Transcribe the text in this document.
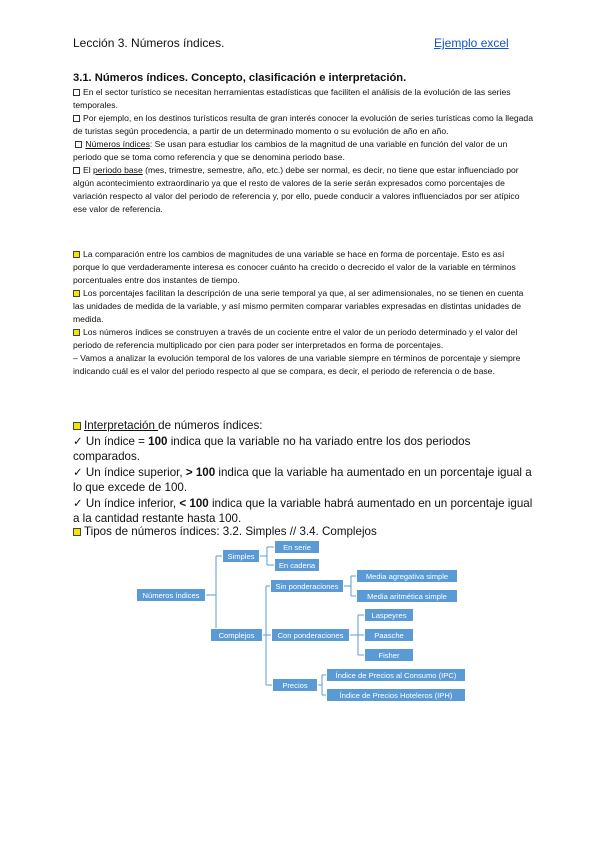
Lección 3. Números índices.	Ejemplo excel
3.1. Números índices. Concepto, clasificación e interpretación.

En el sector turístico se necesitan herramientas estadísticas que faciliten el análisis de la evolución de las series temporales.

Por ejemplo, en los destinos turísticos resulta de gran interés conocer la evolución de series turísticas como la llegada de turistas según procedencia, a partir de un determinado momento o su evolución de año en año.

Números índices: Se usan para estudiar los cambios de la magnitud de una variable en función del valor de un periodo que se toma como referencia y que se denomina periodo base.

El periodo base (mes, trimestre, semestre, año, etc.) debe ser normal, es decir, no tiene que estar influenciado por algún acontecimiento extraordinario ya que el resto de valores de la serie serán expresados como porcentajes de variación respecto al valor del periodo de referencia y, por ello, puede conducir a valores influenciados por ser atípico ese valor de referencia.

La comparación entre los cambios de magnitudes de una variable se hace en forma de porcentaje. Esto es así porque lo que verdaderamente interesa es conocer cuánto ha crecido o decrecido el valor de la variable en términos porcentuales entre dos instantes de tiempo.

Los porcentajes facilitan la descripción de una serie temporal ya que, al ser adimensionales, no se tienen en cuenta las unidades de medida de la variable, y así mismo permiten comparar variables expresadas en distintas unidades de medida.

Los números índices se construyen a través de un cociente entre el valor de un periodo determinado y el valor del periodo de referencia multiplicado por cien para poder ser interpretados en forma de porcentajes.

– Vamos a analizar la evolución temporal de los valores de una variable siempre en términos de porcentaje y siempre indicando cuál es el valor del periodo respecto al que se compara, es decir, el periodo de referencia o de base.

Interpretación de números índices:

✓ Un índice = 100 indica que la variable no ha variado entre los dos periodos comparados.

✓ Un índice superior, > 100 indica que la variable ha aumentado en un porcentaje igual a lo que excede de 100.

✓ Un índice inferior, < 100 indica que la variable habrá aumentado en un porcentaje igual a la cantidad restante hasta 100.

Tipos de números índices: 3.2. Simples // 3.4. Complejos

Números índices
Simples
En serie
En cadena
Complejos
Sin ponderaciones
Media agregativa simple
Media aritmética simple
Con ponderaciones
Laspeyres
Paasche
Fisher
Precios
Índice de Precios al Consumo (IPC)
Índice de Precios Hoteleros (IPH)
